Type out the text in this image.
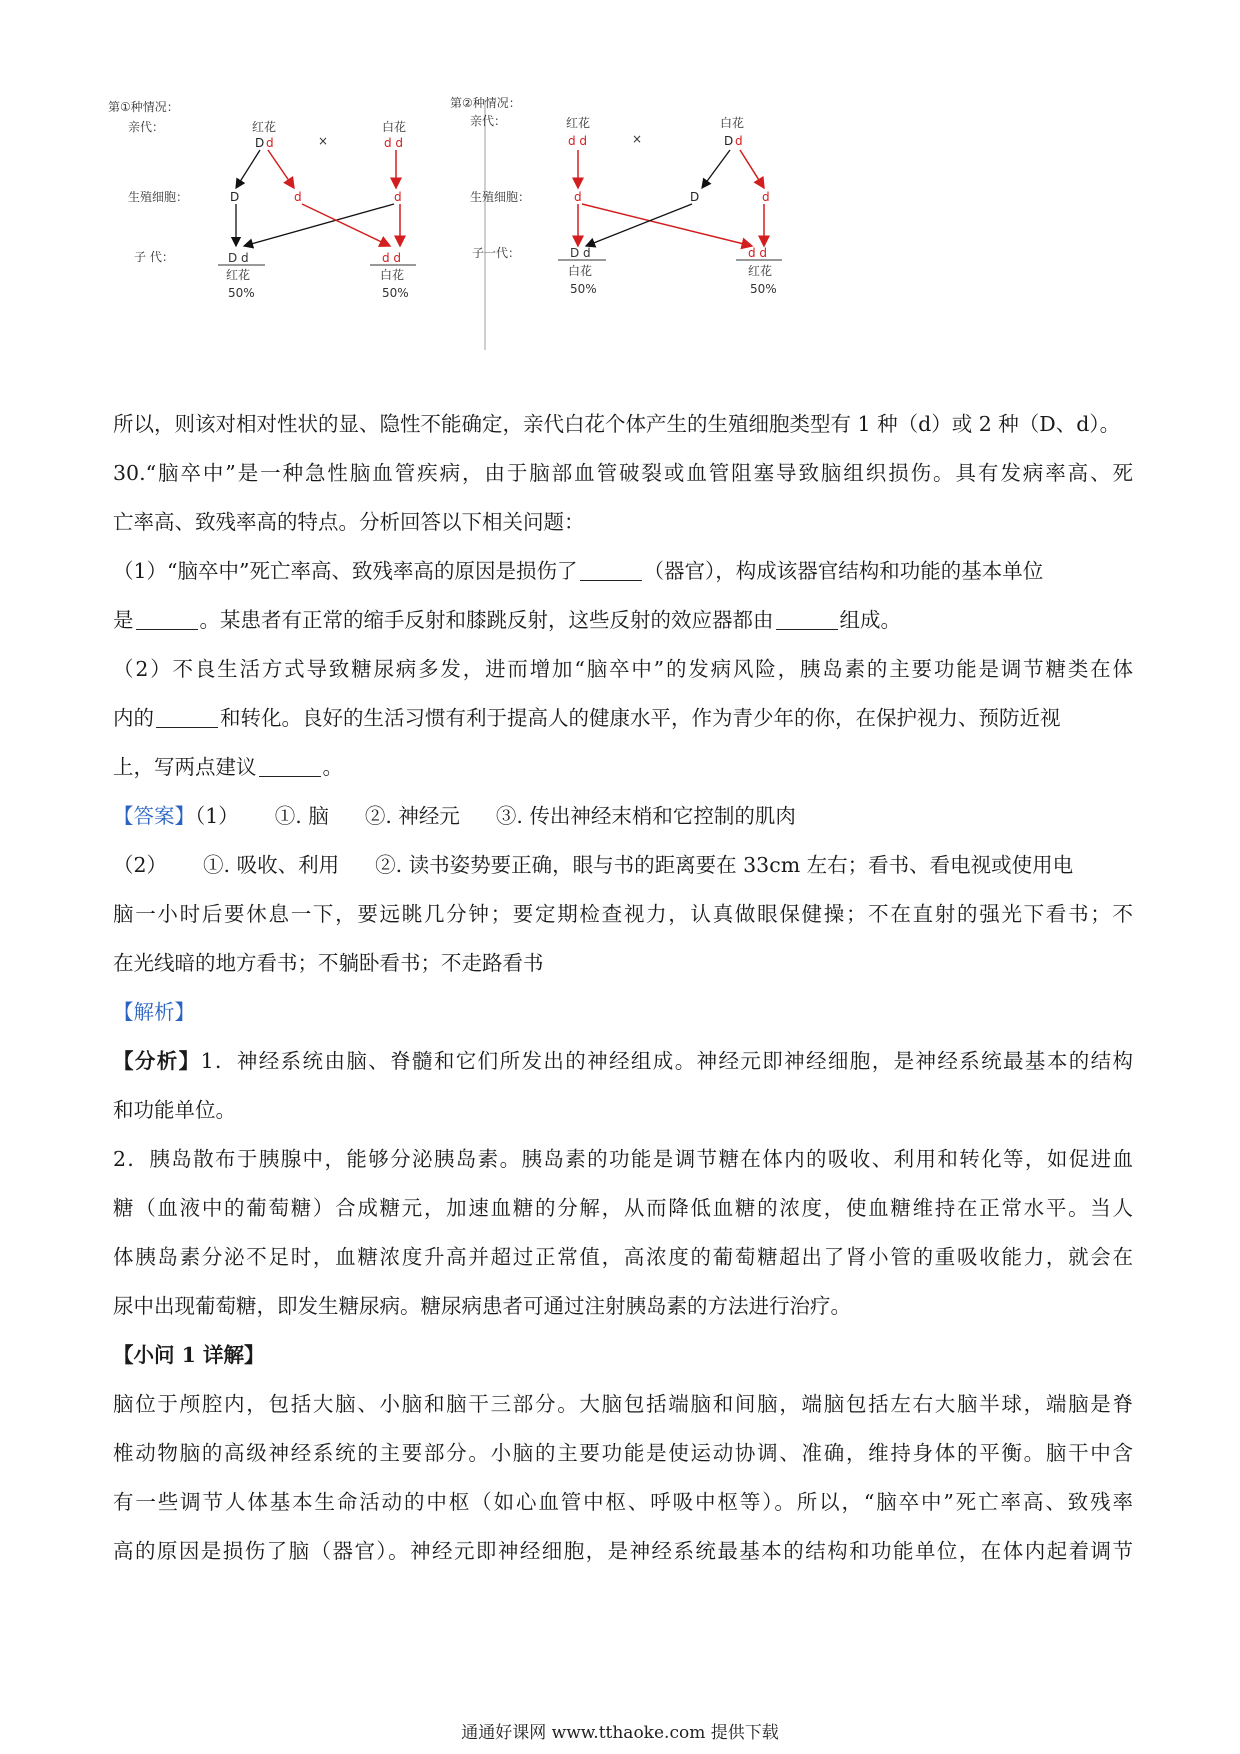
第①种情况：
亲代：
生殖细胞：
子 代：
红花
D d	×
白花
d d
D	d	d
D d
红花
50%
d d
白花
50%
第②种情况：
亲代：
生殖细胞：
子一代：
红花
d d	×
白花
D d
d	D	d
D d
白花
50%
d d
红花
50%
所以，则该对相对性状的显、隐性不能确定，亲代白花个体产生的生殖细胞类型有 1 种（d）或 2 种（D、d）。
30.“脑卒中”是一种急性脑血管疾病，由于脑部血管破裂或血管阻塞导致脑组织损伤。具有发病率高、死
亡率高、致残率高的特点。分析回答以下相关问题：
（1）“脑卒中”死亡率高、致残率高的原因是损伤了	（器官），构成该器官结构和功能的基本单位
是	。某患者有正常的缩手反射和膝跳反射，这些反射的效应器都由	组成。
（2）不良生活方式导致糖尿病多发，进而增加“脑卒中”的发病风险，胰岛素的主要功能是调节糖类在体
内的	和转化。良好的生活习惯有利于提高人的健康水平，作为青少年的你，在保护视力、预防近视
上，写两点建议	。
【答案】（1） ①. 脑 ②. 神经元 ③. 传出神经末梢和它控制的肌肉
（2） ①. 吸收、利用 ②. 读书姿势要正确，眼与书的距离要在 33cm 左右；看书、看电视或使用电
脑一小时后要休息一下，要远眺几分钟；要定期检查视力，认真做眼保健操；不在直射的强光下看书；不
在光线暗的地方看书；不躺卧看书；不走路看书
【解析】
【分析】1．神经系统由脑、脊髓和它们所发出的神经组成。神经元即神经细胞，是神经系统最基本的结构
和功能单位。
2．胰岛散布于胰腺中，能够分泌胰岛素。胰岛素的功能是调节糖在体内的吸收、利用和转化等，如促进血
糖（血液中的葡萄糖）合成糖元，加速血糖的分解，从而降低血糖的浓度，使血糖维持在正常水平。当人
体胰岛素分泌不足时，血糖浓度升高并超过正常值，高浓度的葡萄糖超出了肾小管的重吸收能力，就会在
尿中出现葡萄糖，即发生糖尿病。糖尿病患者可通过注射胰岛素的方法进行治疗。
【小问 1 详解】
脑位于颅腔内，包括大脑、小脑和脑干三部分。大脑包括端脑和间脑，端脑包括左右大脑半球，端脑是脊
椎动物脑的高级神经系统的主要部分。小脑的主要功能是使运动协调、准确，维持身体的平衡。脑干中含
有一些调节人体基本生命活动的中枢（如心血管中枢、呼吸中枢等）。所以，“脑卒中”死亡率高、致残率
高的原因是损伤了脑（器官）。神经元即神经细胞，是神经系统最基本的结构和功能单位，在体内起着调节
通通好课网 www.tthaoke.com 提供下载
